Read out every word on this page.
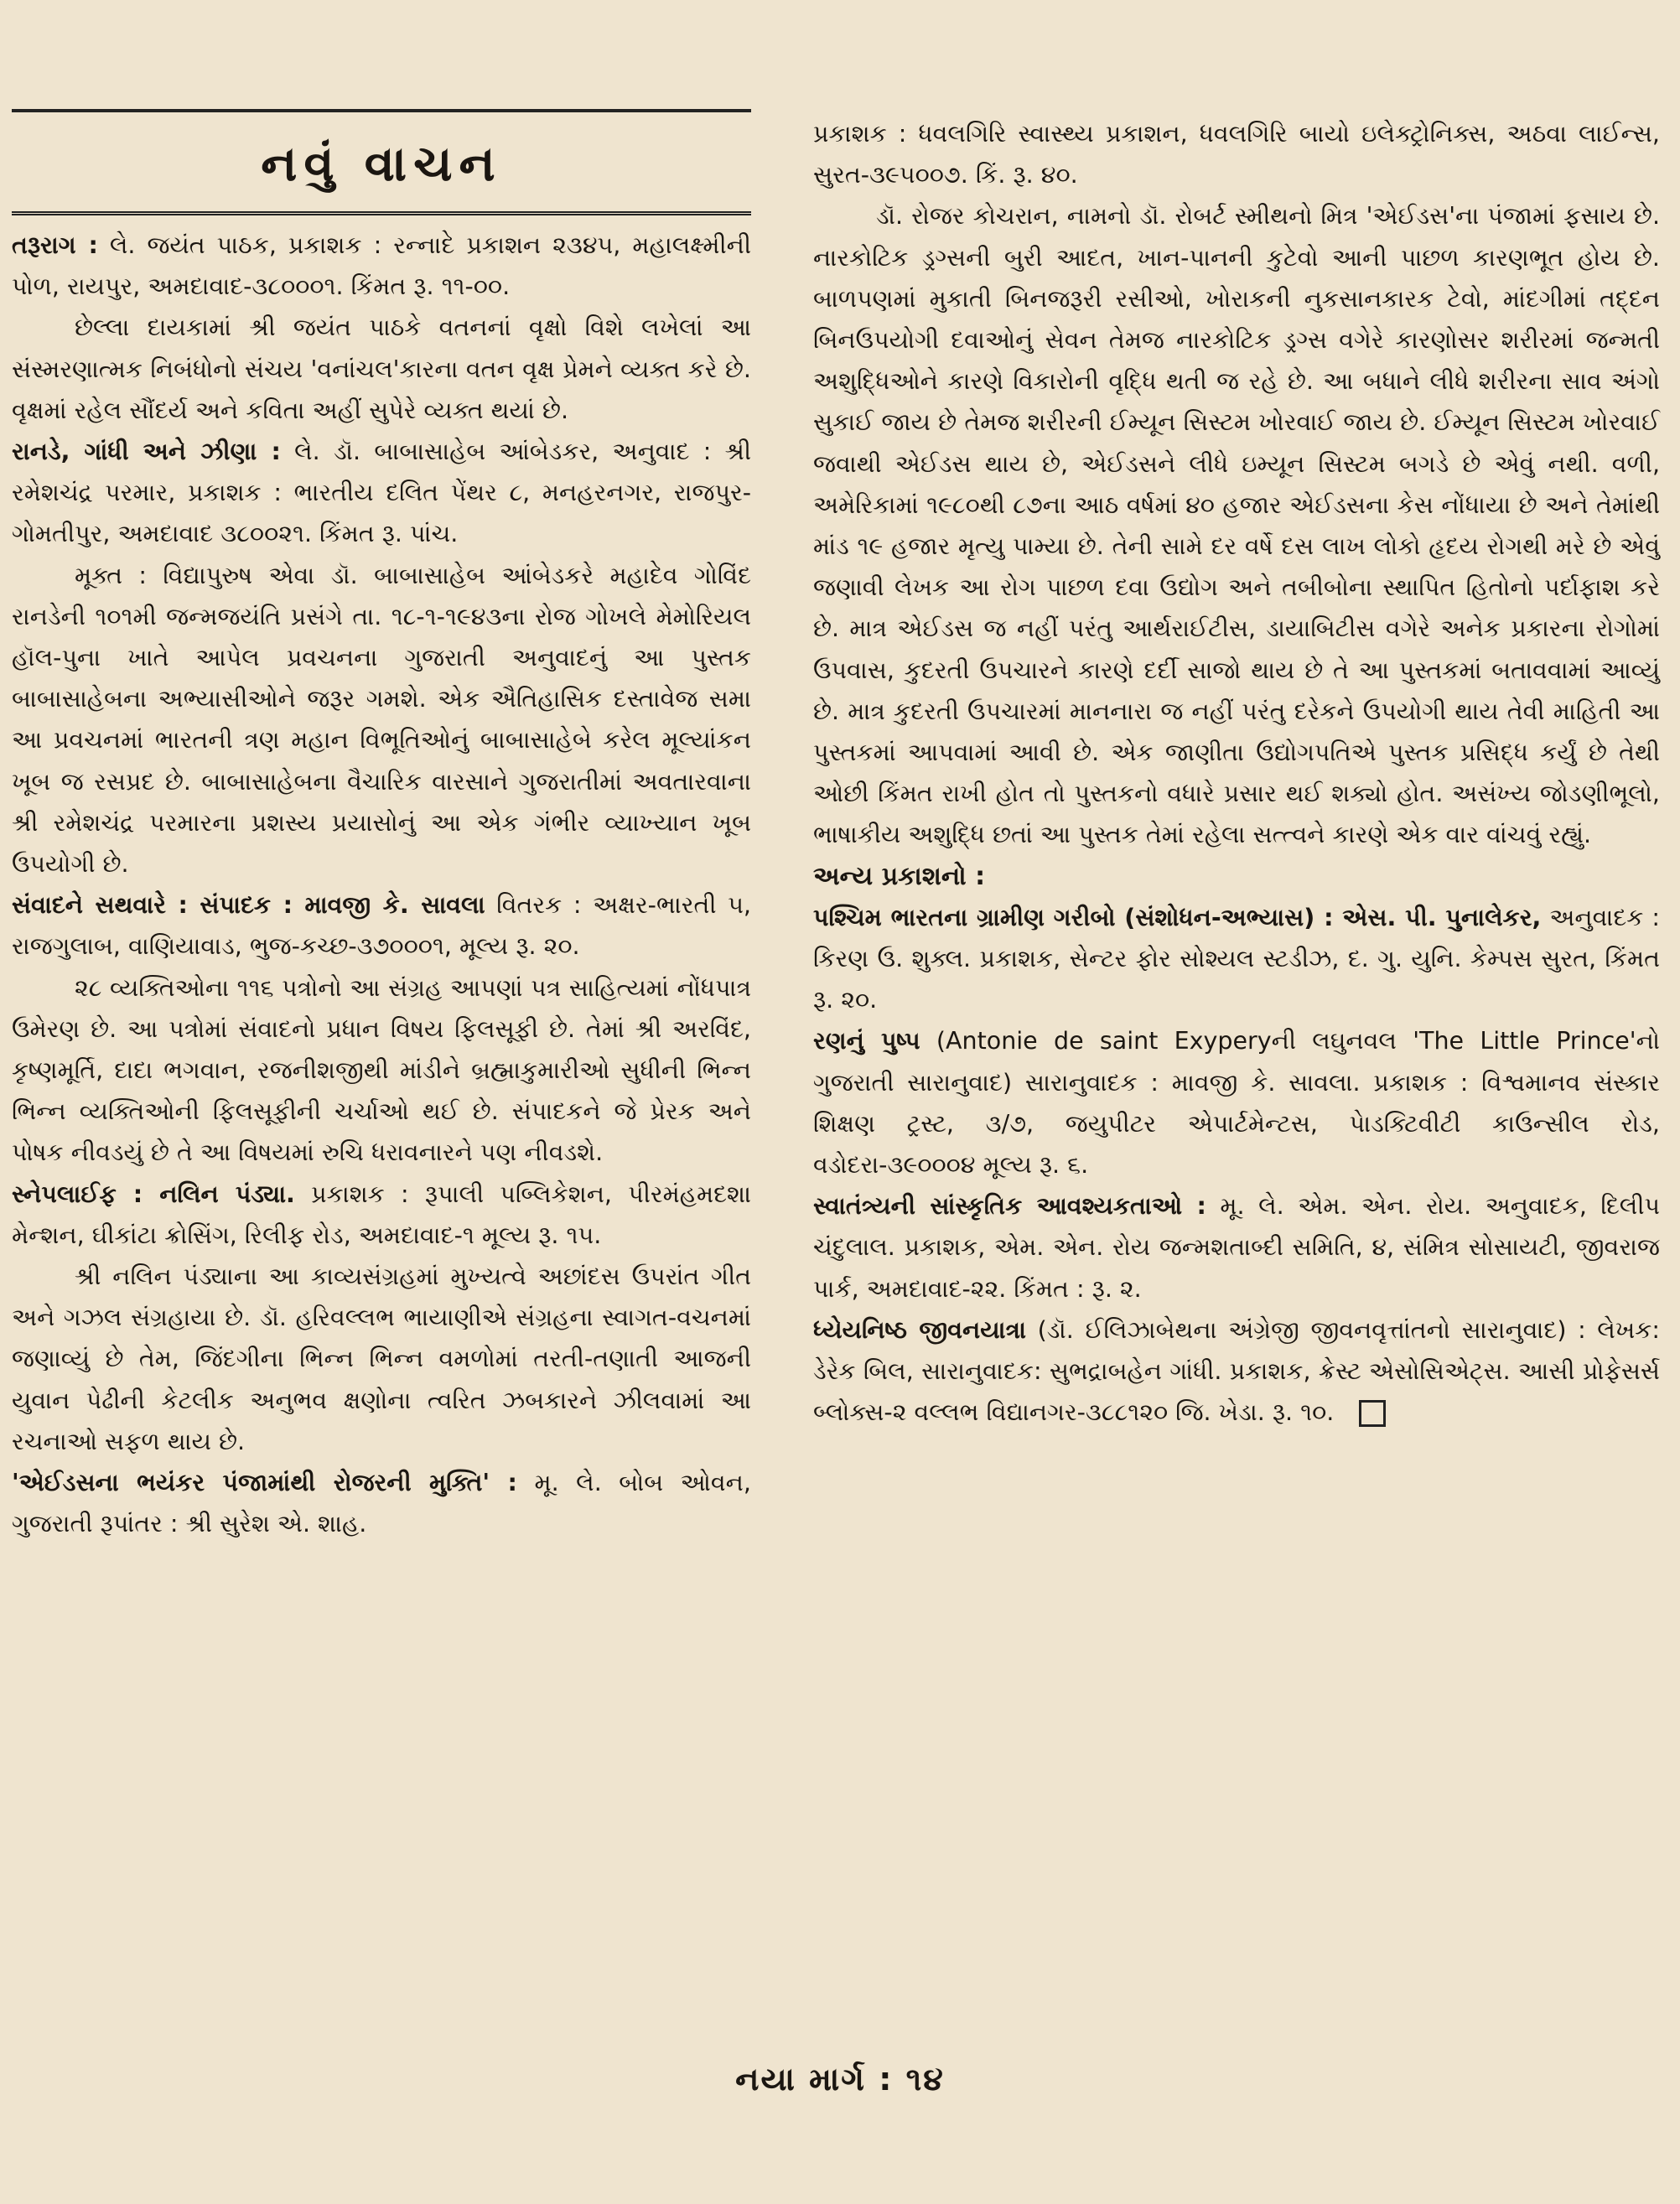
નવું વાચન

તરૂરાગ : લે. જયંત પાઠક, પ્રકાશક : રન્નાદે પ્રકાશન ૨૩૪૫, મહાલક્ષ્મીની પોળ, રાયપુર, અમદાવાદ-૩૮૦૦૦૧. કિંમત રૂ. ૧૧-૦૦.

છેલ્લા દાયકામાં શ્રી જયંત પાઠકે વતનનાં વૃક્ષો વિશે લખેલાં આ સંસ્મરણાત્મક નિબંધોનો સંચય 'વનાંચલ'કારના વતન વૃક્ષ પ્રેમને વ્યક્ત કરે છે. વૃક્ષમાં રહેલ સૌંદર્ય અને કવિતા અહીં સુપેરે વ્યક્ત થયાં છે.

રાનડે, ગાંધી અને ઝીણા : લે. ડૉ. બાબાસાહેબ આંબેડકર, અનુવાદ : શ્રી રમેશચંદ્ર પરમાર, પ્રકાશક : ભારતીય દલિત પેંથર ૮, મનહરનગર, રાજપુર-ગોમતીપુર, અમદાવાદ ૩૮૦૦૨૧. કિંમત રૂ. પાંચ.

મૂક્ત : વિદ્યાપુરુષ એવા ડૉ. બાબાસાહેબ આંબેડકરે મહાદેવ ગોવિંદ રાનડેની ૧૦૧મી જન્મજયંતિ પ્રસંગે તા. ૧૮-૧-૧૯૪૩ના રોજ ગોખલે મેમોરિયલ હૉલ-પુના ખાતે આપેલ પ્રવચનના ગુજરાતી અનુવાદનું આ પુસ્તક બાબાસાહેબના અભ્યાસીઓને જરૂર ગમશે. એક ઐતિહાસિક દસ્તાવેજ સમા આ પ્રવચનમાં ભારતની ત્રણ મહાન વિભૂતિઓનું બાબાસાહેબે કરેલ મૂલ્યાંકન ખૂબ જ રસપ્રદ છે. બાબાસાહેબના વૈચારિક વારસાને ગુજરાતીમાં અવતારવાના શ્રી રમેશચંદ્ર પરમારના પ્રશસ્ય પ્રયાસોનું આ એક ગંભીર વ્યાખ્યાન ખૂબ ઉપયોગી છે.

સંવાદને સથવારે : સંપાદક : માવજી કે. સાવલા વિતરક : અક્ષર-ભારતી ૫, રાજગુલાબ, વાણિયાવાડ, ભુજ-કચ્છ-૩૭૦૦૦૧, મૂલ્ય રૂ. ૨૦.

૨૮ વ્યક્તિઓના ૧૧૬ પત્રોનો આ સંગ્રહ આપણાં પત્ર સાહિત્યમાં નોંધપાત્ર ઉમેરણ છે. આ પત્રોમાં સંવાદનો પ્રધાન વિષય ફિલસૂફી છે. તેમાં શ્રી અરવિંદ, કૃષ્ણમૂર્તિ, દાદા ભગવાન, રજનીશજીથી માંડીને બ્રહ્માકુમારીઓ સુધીની ભિન્ન ભિન્ન વ્યક્તિઓની ફિલસૂફીની ચર્ચાઓ થઈ છે. સંપાદકને જે પ્રેરક અને પોષક નીવડયું છે તે આ વિષયમાં રુચિ ધરાવનારને પણ નીવડશે.

સ્નેપલાઈફ : નલિન પંડ્યા. પ્રકાશક : રૂપાલી પબ્લિકેશન, પીરમંહમદશા મેન્શન, ઘીકાંટા ક્રોસિંગ, રિલીફ રોડ, અમદાવાદ-૧ મૂલ્ય રૂ. ૧૫.

શ્રી નલિન પંડ્યાના આ કાવ્યસંગ્રહમાં મુખ્યત્વે અછાંદસ ઉપરાંત ગીત અને ગઝલ સંગ્રહાયા છે. ડૉ. હરિવલ્લભ ભાયાણીએ સંગ્રહના સ્વાગત-વચનમાં જણાવ્યું છે તેમ, જિંદગીના ભિન્ન ભિન્ન વમળોમાં તરતી-તણાતી આજની યુવાન પેઢીની કેટલીક અનુભવ ક્ષણોના ત્વરિત ઝબકારને ઝીલવામાં આ રચનાઓ સફળ થાય છે.

'એઈડસના ભયંકર પંજામાંથી રોજરની મુક્તિ' : મૂ. લે. બોબ ઓવન, ગુજરાતી રૂપાંતર : શ્રી સુરેશ એ. શાહ.

પ્રકાશક : ધવલગિરિ સ્વાસ્થ્ય પ્રકાશન, ધવલગિરિ બાયો ઇલેક્ટ્રોનિક્સ, અઠવા લાઈન્સ, સુરત-૩૯૫૦૦૭. કિં. રૂ. ૪૦.

ડૉ. રોજર કોચરાન, નામનો ડૉ. રોબર્ટ સ્મીથનો મિત્ર 'એઈડસ'ના પંજામાં ફસાય છે. નારકોટિક ડ્રગ્સની બુરી આદત, ખાન-પાનની કુટેવો આની પાછળ કારણભૂત હોય છે. બાળપણમાં મુકાતી બિનજરૂરી રસીઓ, ખોરાકની નુકસાનકારક ટેવો, માંદગીમાં તદ્દન બિનઉપયોગી દવાઓનું સેવન તેમજ નારકોટિક ડ્રગ્સ વગેરે કારણોસર શરીરમાં જન્મતી અશુદ્ધિઓને કારણે વિકારોની વૃદ્ધિ થતી જ રહે છે. આ બધાને લીધે શરીરના સાવ અંગો સુકાઈ જાય છે તેમજ શરીરની ઈમ્યૂન સિસ્ટમ ખોરવાઈ જાય છે. ઈમ્યૂન સિસ્ટમ ખોરવાઈ જવાથી એઈડસ થાય છે, એઈડસને લીધે ઇમ્યૂન સિસ્ટમ બગડે છે એવું નથી. વળી, અમેરિકામાં ૧૯૮૦થી ૮૭ના આઠ વર્ષમાં ૪૦ હજાર એઈડસના કેસ નોંધાયા છે અને તેમાંથી માંડ ૧૯ હજાર મૃત્યુ પામ્યા છે. તેની સામે દર વર્ષે દસ લાખ લોકો હૃદય રોગથી મરે છે એવું જણાવી લેખક આ રોગ પાછળ દવા ઉદ્યોગ અને તબીબોના સ્થાપિત હિતોનો પર્દાફાશ કરે છે. માત્ર એઈડસ જ નહીં પરંતુ આર્થરાઈટીસ, ડાયાબિટીસ વગેરે અનેક પ્રકારના રોગોમાં ઉપવાસ, કુદરતી ઉપચારને કારણે દર્દી સાજો થાય છે તે આ પુસ્તકમાં બતાવવામાં આવ્યું છે. માત્ર કુદરતી ઉપચારમાં માનનારા જ નહીં પરંતુ દરેકને ઉપયોગી થાય તેવી માહિતી આ પુસ્તકમાં આપવામાં આવી છે. એક જાણીતા ઉદ્યોગપતિએ પુસ્તક પ્રસિદ્ધ કર્યું છે તેથી ઓછી કિંમત રાખી હોત તો પુસ્તકનો વધારે પ્રસાર થઈ શક્યો હોત. અસંખ્ય જોડણીભૂલો, ભાષાકીય અશુદ્ધિ છતાં આ પુસ્તક તેમાં રહેલા સત્ત્વને કારણે એક વાર વાંચવું રહ્યું.

અન્ય પ્રકાશનો :

પશ્ચિમ ભારતના ગ્રામીણ ગરીબો (સંશોધન-અભ્યાસ) : એસ. પી. પુનાલેકર, અનુવાદક : કિરણ ઉ. શુક્લ. પ્રકાશક, સેન્ટર ફોર સોશ્યલ સ્ટડીઝ, દ. ગુ. યુનિ. કેમ્પસ સુરત, કિંમત રૂ. ૨૦.

રણનું પુષ્પ (Antonie de saint Exyperyની લઘુનવલ 'The Little Prince'નો ગુજરાતી સારાનુવાદ) સારાનુવાદક : માવજી કે. સાવલા. પ્રકાશક : વિશ્વમાનવ સંસ્કાર શિક્ષણ ટ્રસ્ટ, ૩/૭, જયુપીટર એપાર્ટમેન્ટસ, પેાડક્ટિવીટી કાઉન્સીલ રોડ, વડોદરા-૩૯૦૦૦૪ મૂલ્ય રૂ. ૬.

સ્વાતંત્ર્યની સાંસ્કૃતિક આવશ્યકતાઓ : મૂ. લે. એમ. એન. રોય. અનુવાદક, દિલીપ ચંદુલાલ. પ્રકાશક, એમ. એન. રોય જન્મશતાબ્દી સમિતિ, ૪, સંમિત્ર સોસાયટી, જીવરાજ પાર્ક, અમદાવાદ-૨૨. કિંમત : રૂ. ૨.

ધ્યેયનિષ્ઠ જીવનયાત્રા (ડૉ. ઈલિઝાબેથના અંગ્રેજી જીવનવૃત્તાંતનો સારાનુવાદ) : લેખક: ડેરેક બિલ, સારાનુવાદક: સુભદ્રાબહેન ગાંધી. પ્રકાશક, ક્રેસ્ટ એસોસિએટ્સ. આસી પ્રોફેસર્સ બ્લોક્સ-૨ વલ્લભ વિદ્યાનગર-૩૮૮૧૨૦ જિ. ખેડા. રૂ. ૧૦.

નયા માર્ગ : ૧૪
